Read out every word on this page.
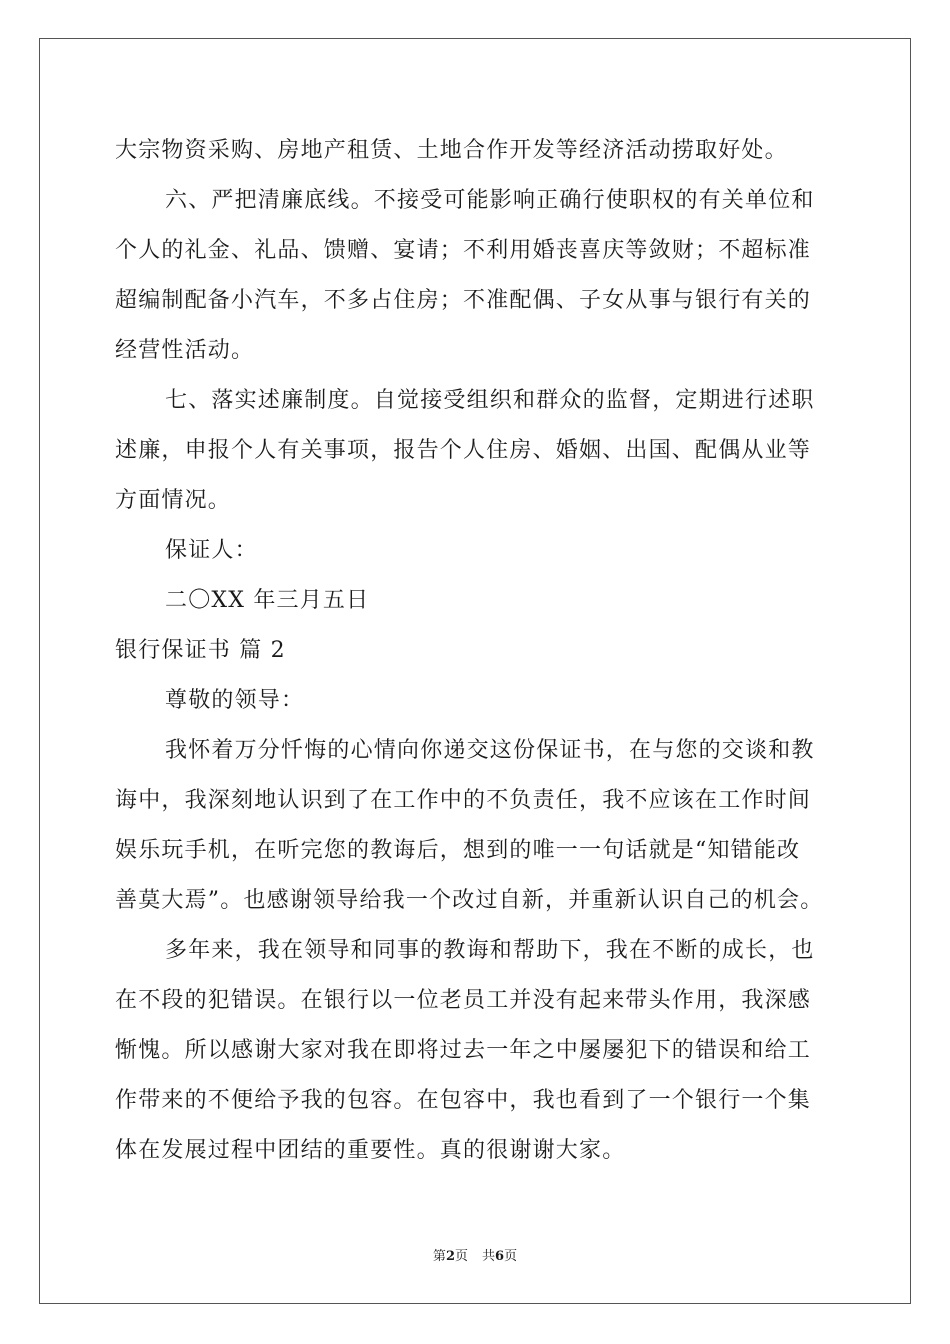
大宗物资采购、房地产租赁、土地合作开发等经济活动捞取好处。
六、严把清廉底线。不接受可能影响正确行使职权的有关单位和
个人的礼金、礼品、馈赠、宴请；不利用婚丧喜庆等敛财；不超标准
超编制配备小汽车，不多占住房；不准配偶、子女从事与银行有关的
经营性活动。
七、落实述廉制度。自觉接受组织和群众的监督，定期进行述职
述廉，申报个人有关事项，报告个人住房、婚姻、出国、配偶从业等
方面情况。
保证人：
二〇XX 年三月五日
银行保证书 篇 2
尊敬的领导：
我怀着万分忏悔的心情向你递交这份保证书，在与您的交谈和教
诲中，我深刻地认识到了在工作中的不负责任，我不应该在工作时间
娱乐玩手机，在听完您的教诲后，想到的唯一一句话就是“知错能改
善莫大焉”。也感谢领导给我一个改过自新，并重新认识自己的机会。
多年来，我在领导和同事的教诲和帮助下，我在不断的成长，也
在不段的犯错误。在银行以一位老员工并没有起来带头作用，我深感
惭愧。所以感谢大家对我在即将过去一年之中屡屡犯下的错误和给工
作带来的不便给予我的包容。在包容中，我也看到了一个银行一个集
体在发展过程中团结的重要性。真的很谢谢大家。
第2页 共6页
